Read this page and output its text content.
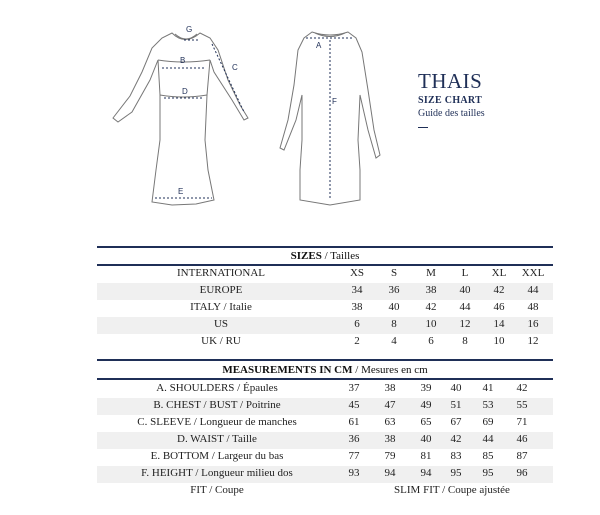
G
B
C
D
E
A
F
THAIS
SIZE CHART
Guide des tailles
SIZES / Tailles
INTERNATIONAL	XS	S	M	L	XL	XXL
EUROPE	34	36	38	40	42	44
ITALY / Italie	38	40	42	44	46	48
US	6	8	10	12	14	16
UK / RU	2	4	6	8	10	12
MEASUREMENTS IN CM / Mesures en cm
A. SHOULDERS / Épaules	37	38	39	40	41	42
B. CHEST / BUST / Poitrine	45	47	49	51	53	55
C. SLEEVE / Longueur de manches	61	63	65	67	69	71
D. WAIST / Taille	36	38	40	42	44	46
E. BOTTOM / Largeur du bas	77	79	81	83	85	87
F. HEIGHT / Longueur milieu dos	93	94	94	95	95	96
FIT / Coupe	SLIM FIT / Coupe ajustée
